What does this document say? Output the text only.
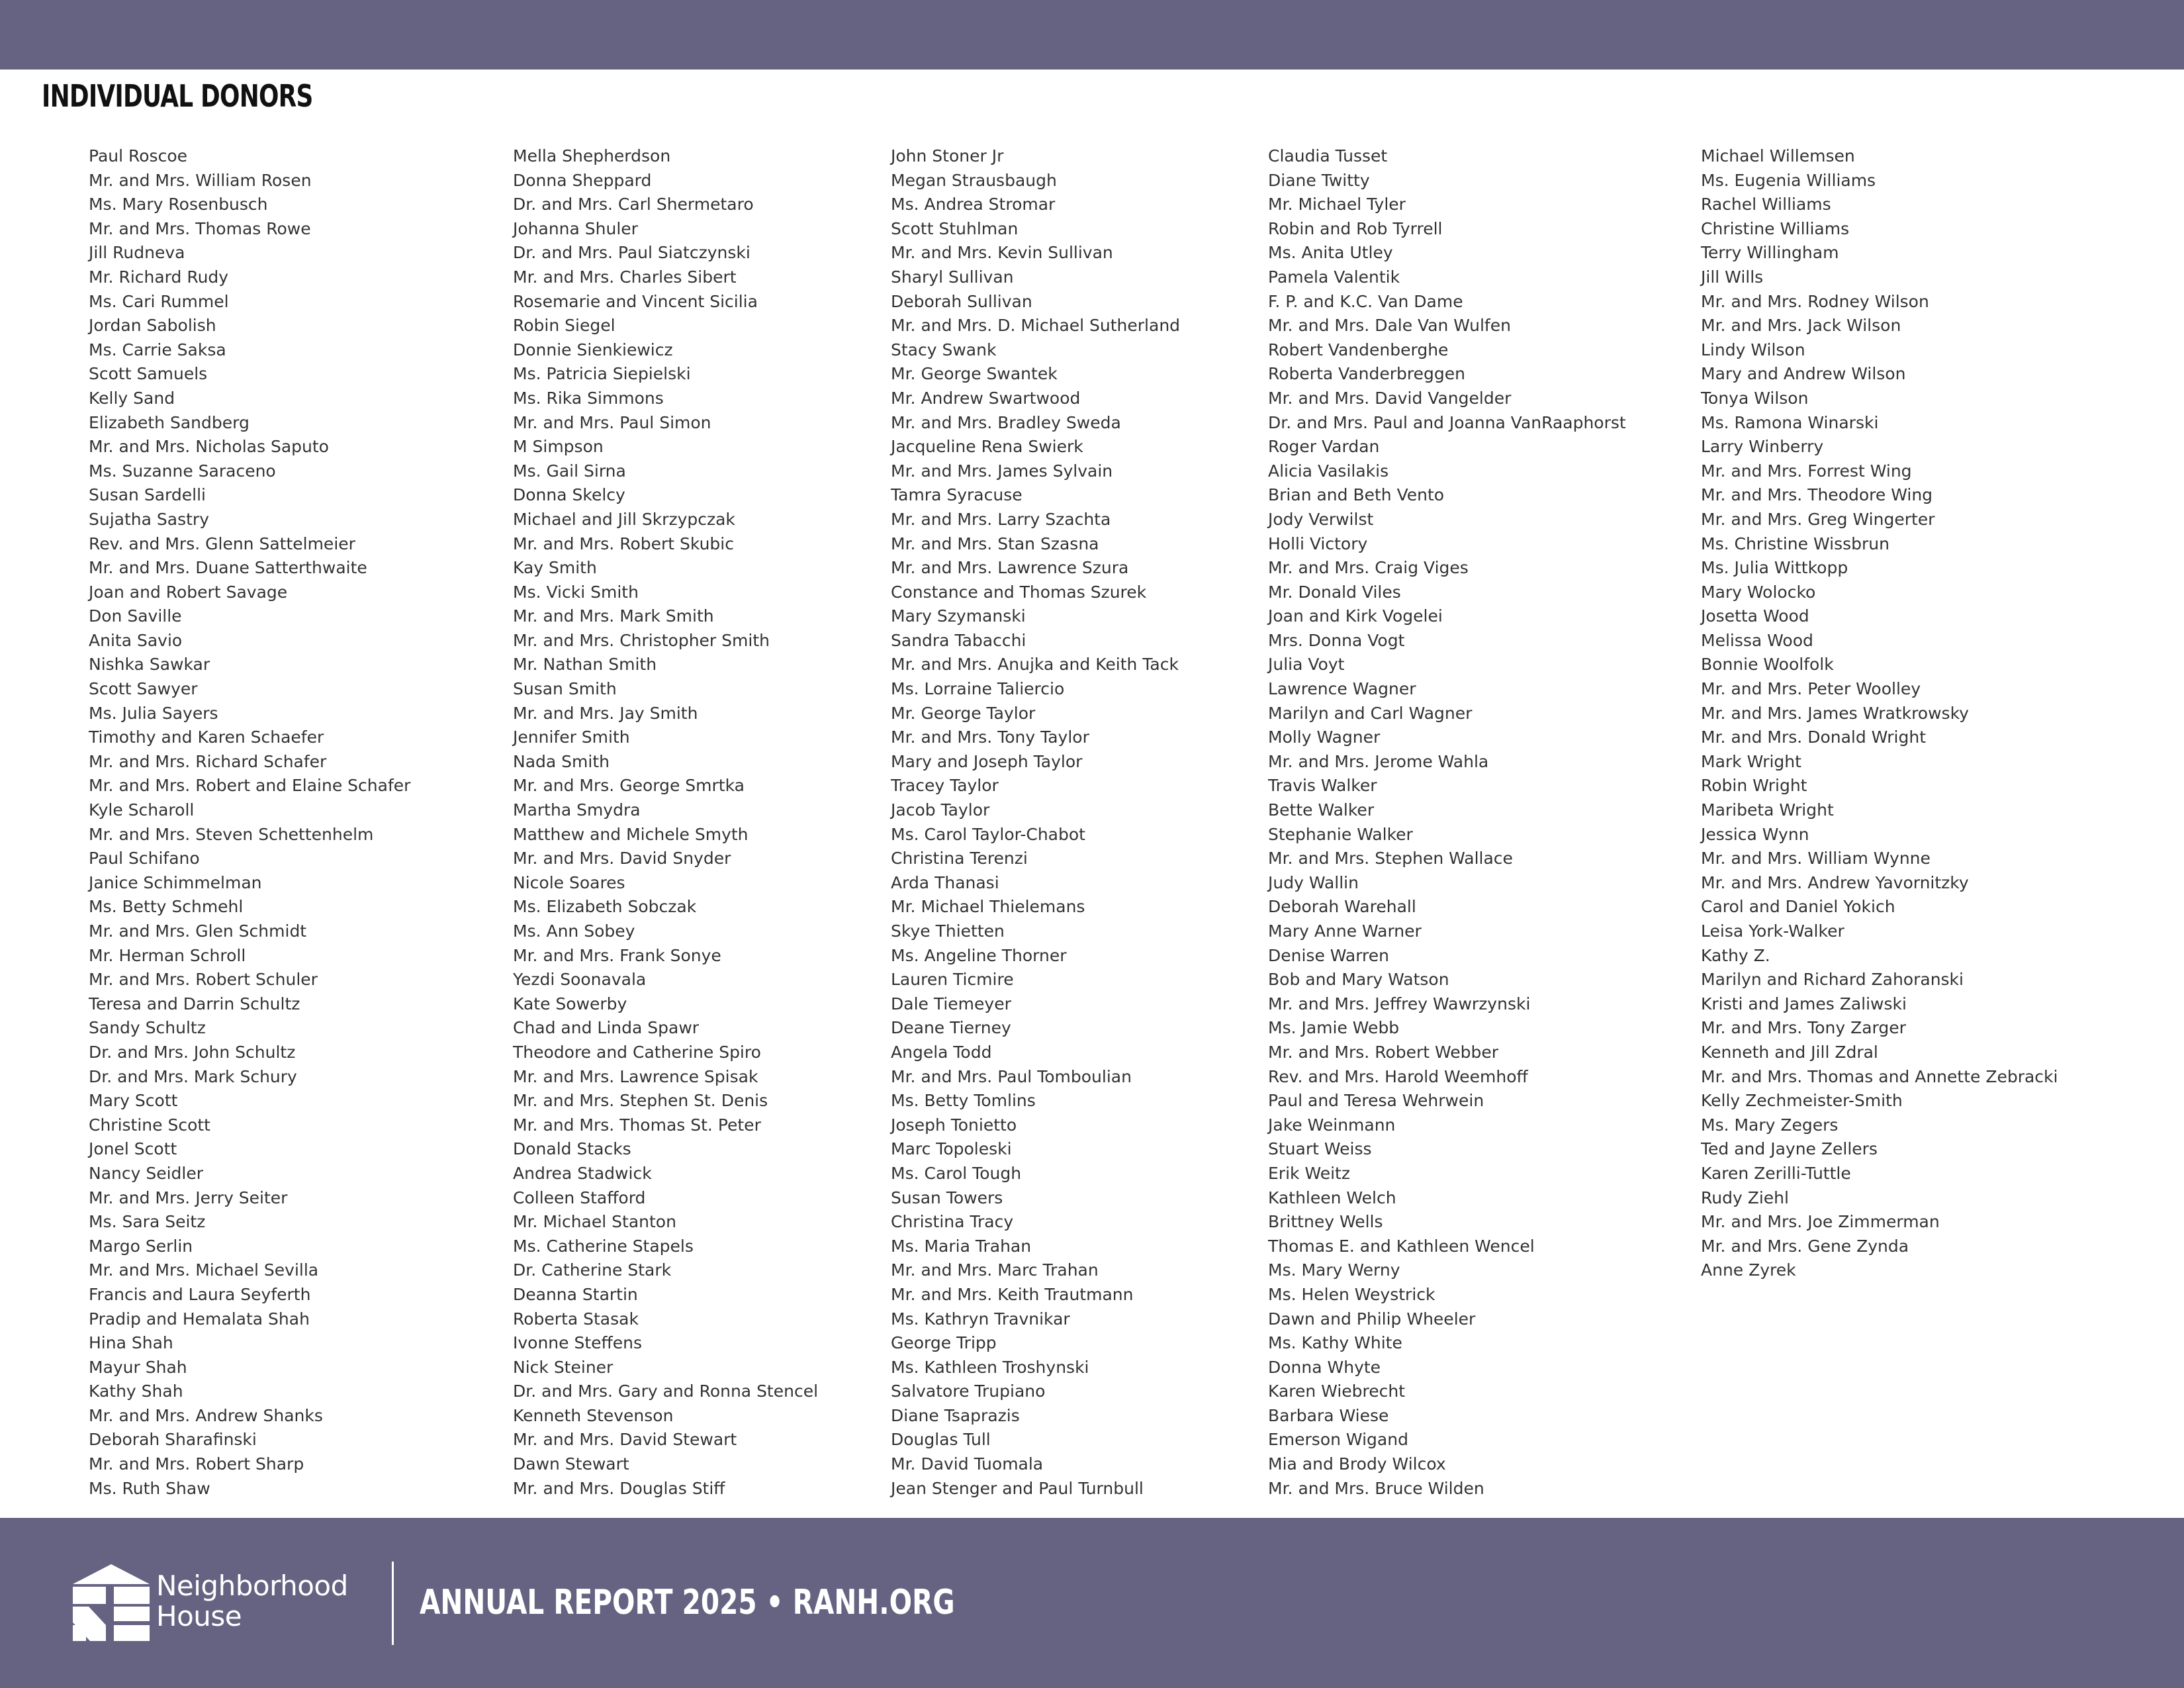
INDIVIDUAL DONORS
Paul Roscoe
Mr. and Mrs. William Rosen
Ms. Mary Rosenbusch
Mr. and Mrs. Thomas Rowe
Jill Rudneva
Mr. Richard Rudy
Ms. Cari Rummel
Jordan Sabolish
Ms. Carrie Saksa
Scott Samuels
Kelly Sand
Elizabeth Sandberg
Mr. and Mrs. Nicholas Saputo
Ms. Suzanne Saraceno
Susan Sardelli
Sujatha Sastry
Rev. and Mrs. Glenn Sattelmeier
Mr. and Mrs. Duane Satterthwaite
Joan and Robert Savage
Don Saville
Anita Savio
Nishka Sawkar
Scott Sawyer
Ms. Julia Sayers
Timothy and Karen Schaefer
Mr. and Mrs. Richard Schafer
Mr. and Mrs. Robert and Elaine Schafer
Kyle Scharoll
Mr. and Mrs. Steven Schettenhelm
Paul Schifano
Janice Schimmelman
Ms. Betty Schmehl
Mr. and Mrs. Glen Schmidt
Mr. Herman Schroll
Mr. and Mrs. Robert Schuler
Teresa and Darrin Schultz
Sandy Schultz
Dr. and Mrs. John Schultz
Dr. and Mrs. Mark Schury
Mary Scott
Christine Scott
Jonel Scott
Nancy Seidler
Mr. and Mrs. Jerry Seiter
Ms. Sara Seitz
Margo Serlin
Mr. and Mrs. Michael Sevilla
Francis and Laura Seyferth
Pradip and Hemalata Shah
Hina Shah
Mayur Shah
Kathy Shah
Mr. and Mrs. Andrew Shanks
Deborah Sharafinski
Mr. and Mrs. Robert Sharp
Ms. Ruth Shaw
Mella Shepherdson
Donna Sheppard
Dr. and Mrs. Carl Shermetaro
Johanna Shuler
Dr. and Mrs. Paul Siatczynski
Mr. and Mrs. Charles Sibert
Rosemarie and Vincent Sicilia
Robin Siegel
Donnie Sienkiewicz
Ms. Patricia Siepielski
Ms. Rika Simmons
Mr. and Mrs. Paul Simon
M Simpson
Ms. Gail Sirna
Donna Skelcy
Michael and Jill Skrzypczak
Mr. and Mrs. Robert Skubic
Kay Smith
Ms. Vicki Smith
Mr. and Mrs. Mark Smith
Mr. and Mrs. Christopher Smith
Mr. Nathan Smith
Susan Smith
Mr. and Mrs. Jay Smith
Jennifer Smith
Nada Smith
Mr. and Mrs. George Smrtka
Martha Smydra
Matthew and Michele Smyth
Mr. and Mrs. David Snyder
Nicole Soares
Ms. Elizabeth Sobczak
Ms. Ann Sobey
Mr. and Mrs. Frank Sonye
Yezdi Soonavala
Kate Sowerby
Chad and Linda Spawr
Theodore and Catherine Spiro
Mr. and Mrs. Lawrence Spisak
Mr. and Mrs. Stephen St. Denis
Mr. and Mrs. Thomas St. Peter
Donald Stacks
Andrea Stadwick
Colleen Stafford
Mr. Michael Stanton
Ms. Catherine Stapels
Dr. Catherine Stark
Deanna Startin
Roberta Stasak
Ivonne Steffens
Nick Steiner
Dr. and Mrs. Gary and Ronna Stencel
Kenneth Stevenson
Mr. and Mrs. David Stewart
Dawn Stewart
Mr. and Mrs. Douglas Stiff
John Stoner Jr
Megan Strausbaugh
Ms. Andrea Stromar
Scott Stuhlman
Mr. and Mrs. Kevin Sullivan
Sharyl Sullivan
Deborah Sullivan
Mr. and Mrs. D. Michael Sutherland
Stacy Swank
Mr. George Swantek
Mr. Andrew Swartwood
Mr. and Mrs. Bradley Sweda
Jacqueline Rena Swierk
Mr. and Mrs. James Sylvain
Tamra Syracuse
Mr. and Mrs. Larry Szachta
Mr. and Mrs. Stan Szasna
Mr. and Mrs. Lawrence Szura
Constance and Thomas Szurek
Mary Szymanski
Sandra Tabacchi
Mr. and Mrs. Anujka and Keith Tack
Ms. Lorraine Taliercio
Mr. George Taylor
Mr. and Mrs. Tony Taylor
Mary and Joseph Taylor
Tracey Taylor
Jacob Taylor
Ms. Carol Taylor-Chabot
Christina Terenzi
Arda Thanasi
Mr. Michael Thielemans
Skye Thietten
Ms. Angeline Thorner
Lauren Ticmire
Dale Tiemeyer
Deane Tierney
Angela Todd
Mr. and Mrs. Paul Tomboulian
Ms. Betty Tomlins
Joseph Tonietto
Marc Topoleski
Ms. Carol Tough
Susan Towers
Christina Tracy
Ms. Maria Trahan
Mr. and Mrs. Marc Trahan
Mr. and Mrs. Keith Trautmann
Ms. Kathryn Travnikar
George Tripp
Ms. Kathleen Troshynski
Salvatore Trupiano
Diane Tsaprazis
Douglas Tull
Mr. David Tuomala
Jean Stenger and Paul Turnbull
Claudia Tusset
Diane Twitty
Mr. Michael Tyler
Robin and Rob Tyrrell
Ms. Anita Utley
Pamela Valentik
F. P. and K.C. Van Dame
Mr. and Mrs. Dale Van Wulfen
Robert Vandenberghe
Roberta Vanderbreggen
Mr. and Mrs. David Vangelder
Dr. and Mrs. Paul and Joanna VanRaaphorst
Roger Vardan
Alicia Vasilakis
Brian and Beth Vento
Jody Verwilst
Holli Victory
Mr. and Mrs. Craig Viges
Mr. Donald Viles
Joan and Kirk Vogelei
Mrs. Donna Vogt
Julia Voyt
Lawrence Wagner
Marilyn and Carl Wagner
Molly Wagner
Mr. and Mrs. Jerome Wahla
Travis Walker
Bette Walker
Stephanie Walker
Mr. and Mrs. Stephen Wallace
Judy Wallin
Deborah Warehall
Mary Anne Warner
Denise Warren
Bob and Mary Watson
Mr. and Mrs. Jeffrey Wawrzynski
Ms. Jamie Webb
Mr. and Mrs. Robert Webber
Rev. and Mrs. Harold Weemhoff
Paul and Teresa Wehrwein
Jake Weinmann
Stuart Weiss
Erik Weitz
Kathleen Welch
Brittney Wells
Thomas E. and Kathleen Wencel
Ms. Mary Werny
Ms. Helen Weystrick
Dawn and Philip Wheeler
Ms. Kathy White
Donna Whyte
Karen Wiebrecht
Barbara Wiese
Emerson Wigand
Mia and Brody Wilcox
Mr. and Mrs. Bruce Wilden
Michael Willemsen
Ms. Eugenia Williams
Rachel Williams
Christine Williams
Terry Willingham
Jill Wills
Mr. and Mrs. Rodney Wilson
Mr. and Mrs. Jack Wilson
Lindy Wilson
Mary and Andrew Wilson
Tonya Wilson
Ms. Ramona Winarski
Larry Winberry
Mr. and Mrs. Forrest Wing
Mr. and Mrs. Theodore Wing
Mr. and Mrs. Greg Wingerter
Ms. Christine Wissbrun
Ms. Julia Wittkopp
Mary Wolocko
Josetta Wood
Melissa Wood
Bonnie Woolfolk
Mr. and Mrs. Peter Woolley
Mr. and Mrs. James Wratkrowsky
Mr. and Mrs. Donald Wright
Mark Wright
Robin Wright
Maribeta Wright
Jessica Wynn
Mr. and Mrs. William Wynne
Mr. and Mrs. Andrew Yavornitzky
Carol and Daniel Yokich
Leisa York-Walker
Kathy Z.
Marilyn and Richard Zahoranski
Kristi and James Zaliwski
Mr. and Mrs. Tony Zarger
Kenneth and Jill Zdral
Mr. and Mrs. Thomas and Annette Zebracki
Kelly Zechmeister-Smith
Ms. Mary Zegers
Ted and Jayne Zellers
Karen Zerilli-Tuttle
Rudy Ziehl
Mr. and Mrs. Joe Zimmerman
Mr. and Mrs. Gene Zynda
Anne Zyrek
Neighborhood
House	ANNUAL REPORT 2025 • RANH.ORG
